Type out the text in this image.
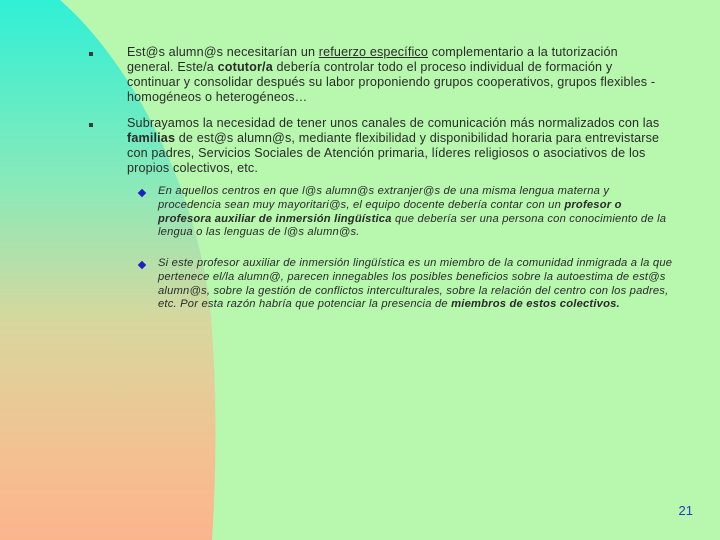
Est@s alumn@s necesitarían un refuerzo específico complementario a la tutorización general. Este/a cotutor/a debería controlar todo el proceso individual de formación y continuar y consolidar después su labor proponiendo grupos cooperativos, grupos flexibles -homogéneos o heterogéneos…
Subrayamos la necesidad de tener unos canales de comunicación más normalizados con las familias de est@s alumn@s, mediante flexibilidad y disponibilidad horaria para entrevistarse con padres, Servicios Sociales de Atención primaria, líderes religiosos o asociativos de los propios colectivos, etc.
En aquellos centros en que l@s alumn@s extranjer@s de una misma lengua materna y procedencia sean muy mayoritari@s, el equipo docente debería contar con un profesor o profesora auxiliar de inmersión lingüística que debería ser una persona con conocimiento de la lengua o las lenguas de l@s alumn@s.
Si este profesor auxiliar de inmersión lingüística es un miembro de la comunidad inmigrada a la que pertenece el/la alumn@, parecen innegables los posibles beneficios sobre la autoestima de est@s alumn@s, sobre la gestión de conflictos interculturales, sobre la relación del centro con los padres, etc. Por esta razón habría que potenciar la presencia de miembros de estos colectivos.
21
